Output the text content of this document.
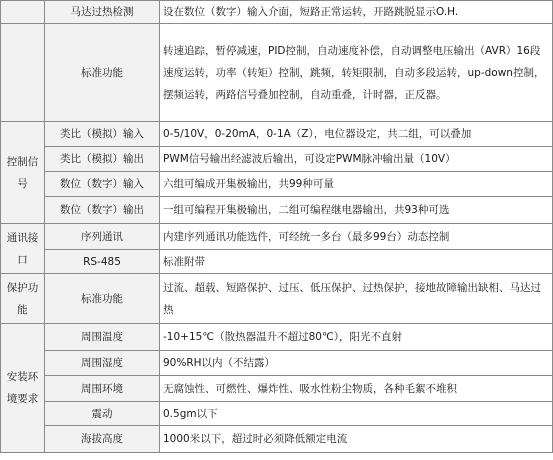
	马达过热检测	设在数位（数字）输入介面，短路正常运转，开路跳脱显示O.H.
	标准功能	转速追踪，暂停减速，PID控制，自动速度补偿，自动调整电压输出（AVR）16段速度运转，功率（转矩）控制，跳频，转矩限制，自动多段运转，up-down控制，摆频运转，两路信号叠加控制，自动重叠，计时器，正反器。
控制信号	类比（模拟）输入	0-5/10V，0-20mA，0-1A（Z），电位器设定，共二组，可以叠加
	类比（模拟）输出	PWM信号输出经滤波后输出，可设定PWM脉冲输出量（10V）
	数位（数字）输入	六组可编成开集极输出，共99种可量
	数位（数字）输出	一组可编程开集极输出，二组可编程继电器输出，共93种可选
通讯接口	序列通讯	内建序列通讯功能选件，可经统一多台（最多99台）动态控制
	RS-485	标准附带
保护功能	标准功能	过流、超载、短路保护、过压、低压保护、过热保护，接地故障输出缺相、马达过热
安装环境要求	周围温度	-10+15℃（散热器温升不超过80℃），阳光不直射
	周围湿度	90%RH以内（不结露）
	周围环境	无腐蚀性、可燃性、爆炸性、吸水性粉尘物质，各种毛絮不堆积
	震动	0.5gm以下
	海拔高度	1000米以下，超过时必须降低额定电流
